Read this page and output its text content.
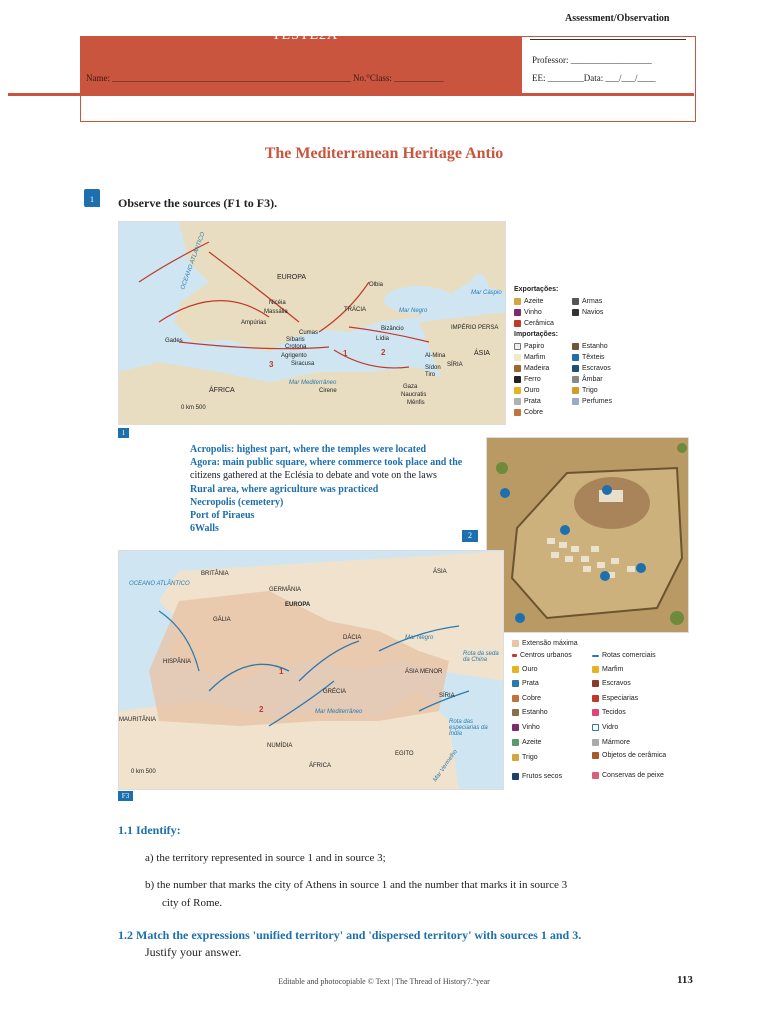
Assessment/Observation
TESTE2A
Name: _____________________________________________________ No.°Class: ___________
Professor: __________________
EE: ________Data: ___/___/____
The Mediterranean Heritage Antio
1	Observe the sources (F1 to F3).
OCEANO ATLÂNTICO	EUROPA
ÁFRICA
ÁSIA
TRÁCIA
IMPÉRIO PERSA
Mar Negro
Mar Cáspio
Mar Mediterrâneo
SÍRIA
Lídia
Olbia
Nicéia
Massália
Ampúrias
Gades
Cumas
Síbaris
Crotona
Agrigento
Siracusa
Bizâncio
Al-Mina
Sídon
Tiro
Gaza
Naucratis
Mênfis
Cirene
0 km 500
1	2
3
Exportações:
Azeite
Vinho
Cerâmica
Armas
Navios
Importações:
Papiro
Marfim
Madeira
Ferro
Ouro
Prata
Cobre
Estanho
Têxteis
Escravos
Âmbar
Trigo
Perfumes
1
Acropolis: highest part, where the temples were located
Agora: main public square, where commerce took place and the
citizens gathered at the Eclésia to debate and vote on the laws
Rural area, where agriculture was practiced
Necropolis (cemetery)
Port of Piraeus
6Walls
2
BRITÂNIA
GERMÂNIA
EUROPA
ÁSIA
OCEANO ATLÂNTICO
GÁLIA
DÁCIA	Mar Negro
HISPÂNIA
ÁSIA MENOR
GRÉCIA
SÍRIA
MAURITÂNIA
Mar Mediterrâneo
NUMÍDIA
ÁFRICA
EGITO
Rota da seda da China
Rota das especiarias da Índia
Mar Vermelho
0 km 500
1
2
Extensão máxima
Centros urbanos	Rotas comerciais
Ouro
Prata
Cobre
Estanho
Vinho
Azeite
Trigo
Frutos secos
Marfim
Escravos
Especiarias
Tecidos
Vidro
Mármore
Objetos de cerâmica
Conservas de peixe
F3
1.1 Identify:
a) the territory represented in source 1 and in source 3;
b) the number that marks the city of Athens in source 1 and the number that marks it in source 3
city of Rome.
1.2 Match the expressions 'unified territory' and 'dispersed territory' with sources 1 and 3.
Justify your answer.
Editable and photocopiable © Text | The Thread of History7.°year	113
